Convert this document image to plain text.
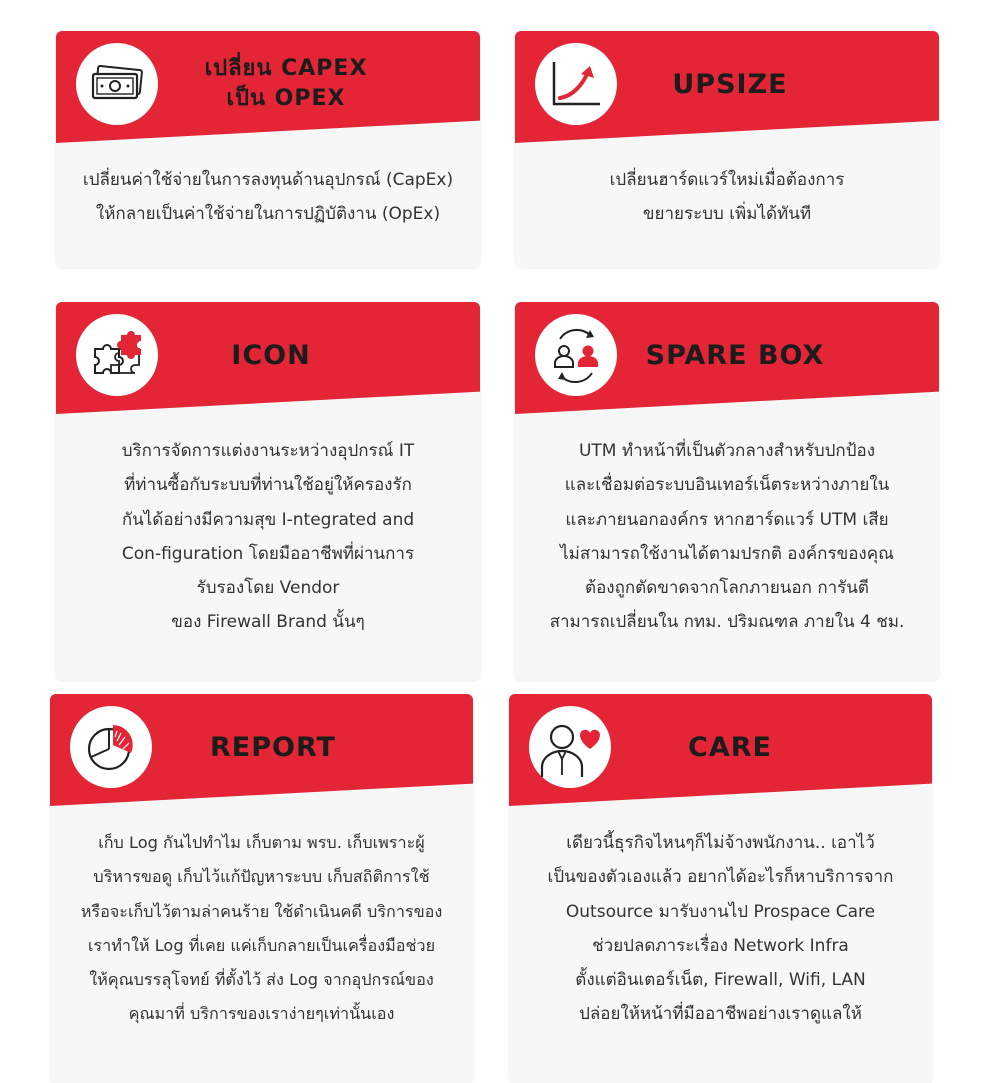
เปลี่ยน CAPEX
เป็น OPEX
เปลี่ยนค่าใช้จ่ายในการลงทุนด้านอุปกรณ์ (CapEx)
ให้กลายเป็นค่าใช้จ่ายในการปฏิบัติงาน (OpEx)
UPSIZE
เปลี่ยนฮาร์ดแวร์ใหม่เมื่อต้องการ
ขยายระบบ เพิ่มได้ทันที
ICON
บริการจัดการแต่งงานระหว่างอุปกรณ์ IT
ที่ท่านซื้อกับระบบที่ท่านใช้อยู่ให้ครองรัก
กันได้อย่างมีความสุข I-ntegrated and
Con-figuration โดยมืออาชีพที่ผ่านการ
รับรองโดย Vendor
ของ Firewall Brand นั้นๆ
SPARE BOX
UTM ทำหน้าที่เป็นตัวกลางสำหรับปกป้อง
และเชื่อมต่อระบบอินเทอร์เน็ตระหว่างภายใน
และภายนอกองค์กร หากฮาร์ดแวร์ UTM เสีย
ไม่สามารถใช้งานได้ตามปรกติ องค์กรของคุณ
ต้องถูกตัดขาดจากโลกภายนอก การันตี
สามารถเปลี่ยนใน กทม. ปริมณฑล ภายใน 4 ชม.
REPORT
เก็บ Log กันไปทำไม เก็บตาม พรบ. เก็บเพราะผู้
บริหารขอดู เก็บไว้แก้ปัญหาระบบ เก็บสถิติการใช้
หรือจะเก็บไว้ตามล่าคนร้าย ใช้ดำเนินคดี บริการของ
เราทำให้ Log ที่เคย แค่เก็บกลายเป็นเครื่องมือช่วย
ให้คุณบรรลุโจทย์ ที่ตั้งไว้ ส่ง Log จากอุปกรณ์ของ
คุณมาที่ บริการของเราง่ายๆเท่านั้นเอง
CARE
เดียวนี้ธุรกิจไหนๆก็ไม่จ้างพนักงาน.. เอาไว้
เป็นของตัวเองแล้ว อยากได้อะไรก็หาบริการจาก
Outsource มารับงานไป Prospace Care
ช่วยปลดภาระเรื่อง Network Infra
ตั้งแต่อินเตอร์เน็ต, Firewall, Wifi, LAN
ปล่อยให้หน้าที่มืออาชีพอย่างเราดูแลให้
